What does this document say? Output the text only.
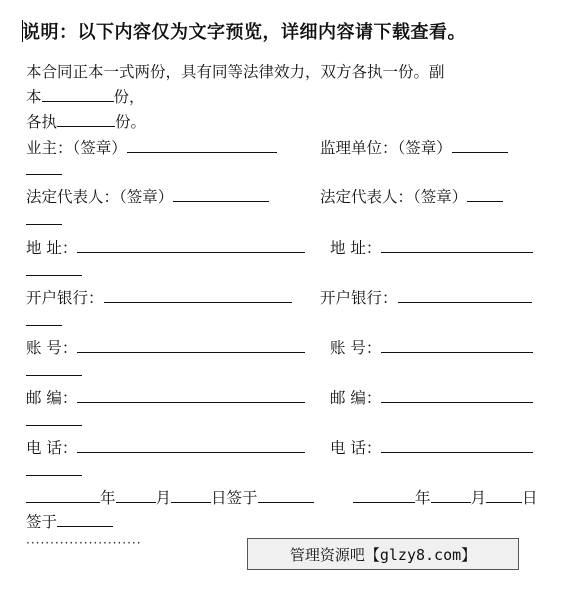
说明：以下内容仅为文字预览，详细内容请下载查看。
本合同正本一式两份，具有同等法律效力，双方各执一份。副
本	份，
各执	份。
业主：（签章）	监理单位：（签章）
法定代表人：（签章）	法定代表人：（签章）
地 址：	地 址：
开户银行：	开户银行：
账 号：	账 号：
邮 编：	邮 编：
电 话：	电 话：
年	月	日签于	年	月 日
签于
························
管理资源吧【glzy8.com】
